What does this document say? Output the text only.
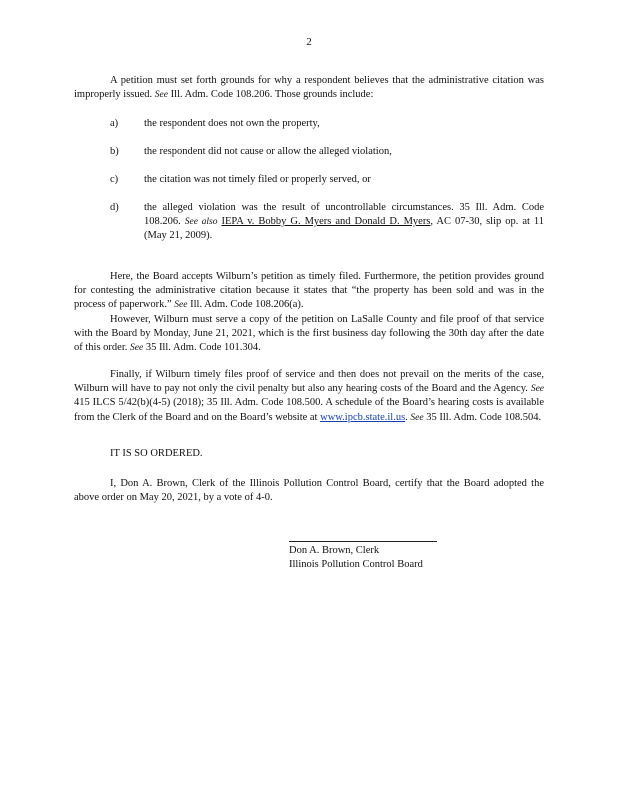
2
A petition must set forth grounds for why a respondent believes that the administrative citation was improperly issued. See Ill. Adm. Code 108.206. Those grounds include:
a)	the respondent does not own the property,
b)	the respondent did not cause or allow the alleged violation,
c)	the citation was not timely filed or properly served, or
d)	the alleged violation was the result of uncontrollable circumstances. 35 Ill. Adm. Code 108.206. See also IEPA v. Bobby G. Myers and Donald D. Myers, AC 07-30, slip op. at 11 (May 21, 2009).
Here, the Board accepts Wilburn’s petition as timely filed. Furthermore, the petition provides ground for contesting the administrative citation because it states that “the property has been sold and was in the process of paperwork.” See Ill. Adm. Code 108.206(a).
However, Wilburn must serve a copy of the petition on LaSalle County and file proof of that service with the Board by Monday, June 21, 2021, which is the first business day following the 30th day after the date of this order. See 35 Ill. Adm. Code 101.304.
Finally, if Wilburn timely files proof of service and then does not prevail on the merits of the case, Wilburn will have to pay not only the civil penalty but also any hearing costs of the Board and the Agency. See 415 ILCS 5/42(b)(4-5) (2018); 35 Ill. Adm. Code 108.500. A schedule of the Board’s hearing costs is available from the Clerk of the Board and on the Board’s website at www.ipcb.state.il.us. See 35 Ill. Adm. Code 108.504.
IT IS SO ORDERED.
I, Don A. Brown, Clerk of the Illinois Pollution Control Board, certify that the Board adopted the above order on May 20, 2021, by a vote of 4-0.
Don A. Brown, Clerk
Illinois Pollution Control Board
